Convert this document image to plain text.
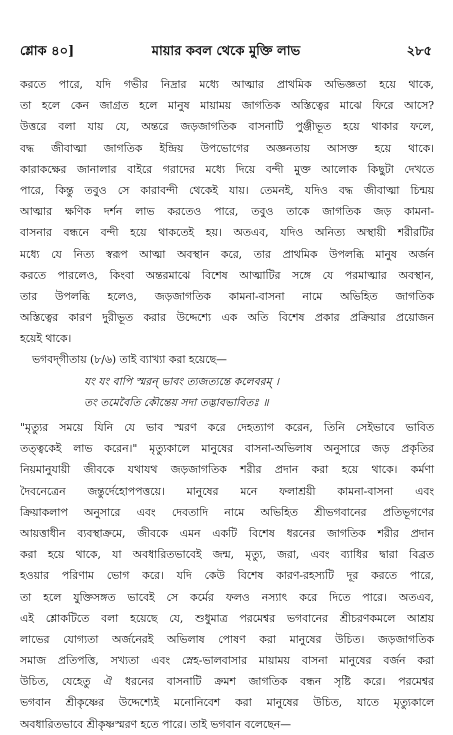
শ্লোক ৪০]	মায়ার কবল থেকে মুক্তি লাভ	২৮৫
করতে পারে, যদি গভীর নিদ্রার মধ্যে আত্মার প্রাথমিক অভিজ্ঞতা হয়ে থাকে,
তা হলে কেন জাগ্রত হলে মানুষ মায়াময় জাগতিক অস্তিত্বের মাঝে ফিরে আসে?
উত্তরে বলা যায় যে, অন্তরে জড়জাগতিক বাসনাটি পুঞ্জীভূত হয়ে থাকার ফলে,
বদ্ধ জীবাত্মা জাগতিক ইন্দ্রিয় উপভোগের অজ্ঞনতায় আসক্ত হয়ে থাকে।
কারাকক্ষের জানালার বাইরে গরাদের মধ্যে দিয়ে বন্দী মুক্ত আলোক কিছুটা দেখতে
পারে, কিন্তু তবুও সে কারাবন্দী থেকেই যায়। তেমনই, যদিও বদ্ধ জীবাত্মা চিন্ময়
আত্মার ক্ষণিক দর্শন লাভ করতেও পারে, তবুও তাকে জাগতিক জড় কামনা-
বাসনার বন্ধনে বন্দী হয়ে থাকতেই হয়। অতএব, যদিও অনিত্য অস্থায়ী শরীরটির
মধ্যে যে নিত্য স্বরূপ আত্মা অবস্থান করে, তার প্রাথমিক উপলব্ধি মানুষ অর্জন
করতে পারলেও, কিংবা অন্তরমাঝে বিশেষ আত্মাটির সঙ্গে যে পরমাত্মার অবস্থান,
তার উপলব্ধি হলেও, জড়জাগতিক কামনা-বাসনা নামে অভিহিত জাগতিক
অস্তিত্বের কারণ দুরীভূত করার উদ্দেশ্যে এক অতি বিশেষ প্রকার প্রক্রিয়ার প্রয়োজন
হয়েই থাকে।
ভগবদ্‌গীতায় (৮/৬) তাই ব্যাখ্যা করা হয়েছে—
যং যং বাপি স্মরন্‌ ভাবং ত্যজত্যন্তে কলেবরম্‌ ।
তং তমেবৈতি কৌন্তেয় সদা তদ্ভাবভাবিতঃ ॥
"মৃত্যুর সময়ে যিনি যে ভাব স্মরণ করে দেহত্যাগ করেন, তিনি সেইভাবে ভাবিত
তত্ত্বকেই লাভ করেন।" মৃত্যুকালে মানুষের বাসনা-অভিলাষ অনুসারে জড় প্রকৃতির
নিয়মানুযায়ী জীবকে যথাযথ জড়জাগতিক শরীর প্রদান করা হয়ে থাকে। কর্মণা
দৈবনেত্রেন জন্তুর্দেহোপপত্তয়ে। মানুষের মনে ফলাশ্রয়ী কামনা-বাসনা এবং
ক্রিয়াকলাপ অনুসারে এবং দেবতাদি নামে অভিহিত শ্রীভগবানের প্রতিভূগণের
আয়ত্তাধীন ব্যবস্থাক্রমে, জীবকে এমন একটি বিশেষ ধরনের জাগতিক শরীর প্রদান
করা হয়ে থাকে, যা অবধারিতভাবেই জন্ম, মৃত্যু, জরা, এবং ব্যাধির দ্বারা বিব্রত
হওয়ার পরিণাম ভোগ করে। যদি কেউ বিশেষ কারণ-রহস্যটি দূর করতে পারে,
তা হলে যুক্তিসঙ্গত ভাবেই সে কর্মের ফলও নস্যাৎ করে দিতে পারে। অতএব,
এই শ্লোকটিতে বলা হয়েছে যে, শুধুমাত্র পরমেশ্বর ভগবানের শ্রীচরণকমলে আশ্রয়
লাভের যোগ্যতা অর্জনেরই অভিলাষ পোষণ করা মানুষের উচিত। জড়জাগতিক
সমাজ প্রতিপত্তি, সখ্যতা এবং স্নেহ-ভালবাসার মায়াময় বাসনা মানুষের বর্জন করা
উচিত, যেহেতু ঐ ধরনের বাসনাটি ক্রমশ জাগতিক বন্ধন সৃষ্টি করে। পরমেশ্বর
ভগবান শ্রীকৃষ্ণের উদ্দেশ্যেই মনোনিবেশ করা মানুষের উচিত, যাতে মৃত্যুকালে
অবধারিতভাবে শ্রীকৃষ্ণস্মরণ হতে পারে। তাই ভগবান বলেছেন—
